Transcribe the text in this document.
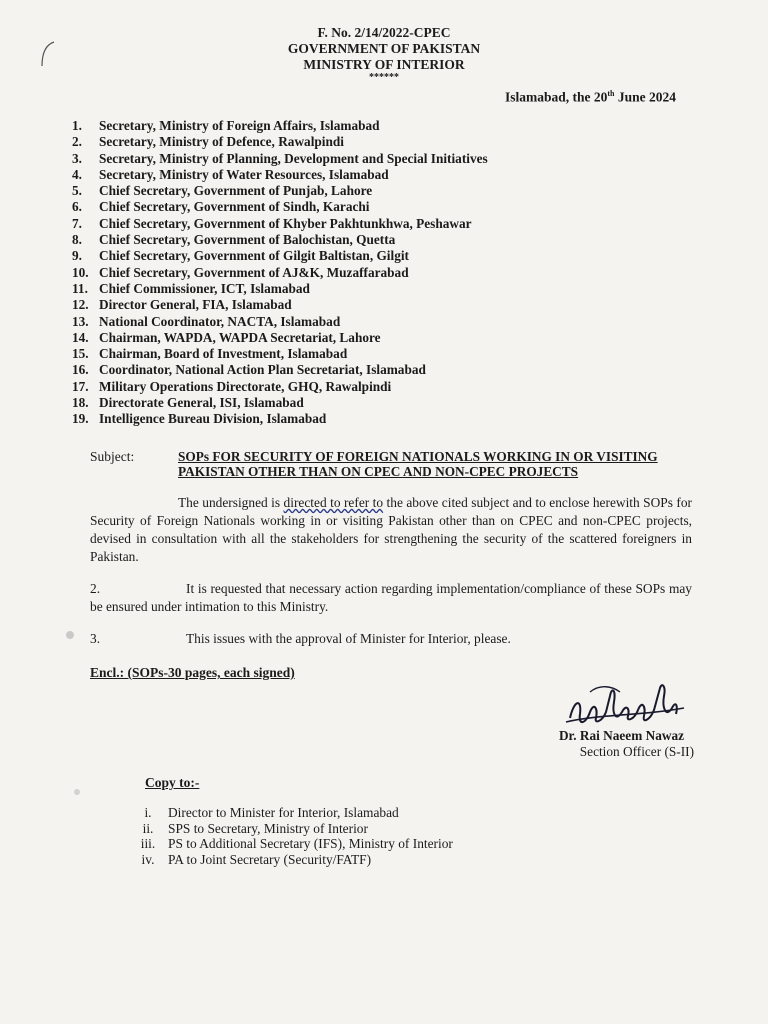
F. No. 2/14/2022-CPEC
GOVERNMENT OF PAKISTAN
MINISTRY OF INTERIOR
******
Islamabad, the 20th June 2024
1.	Secretary, Ministry of Foreign Affairs, Islamabad
2.	Secretary, Ministry of Defence, Rawalpindi
3.	Secretary, Ministry of Planning, Development and Special Initiatives
4.	Secretary, Ministry of Water Resources, Islamabad
5.	Chief Secretary, Government of Punjab, Lahore
6.	Chief Secretary, Government of Sindh, Karachi
7.	Chief Secretary, Government of Khyber Pakhtunkhwa, Peshawar
8.	Chief Secretary, Government of Balochistan, Quetta
9.	Chief Secretary, Government of Gilgit Baltistan, Gilgit
10. Chief Secretary, Government of AJ&K, Muzaffarabad
11. Chief Commissioner, ICT, Islamabad
12. Director General, FIA, Islamabad
13. National Coordinator, NACTA, Islamabad
14. Chairman, WAPDA, WAPDA Secretariat, Lahore
15. Chairman, Board of Investment, Islamabad
16. Coordinator, National Action Plan Secretariat, Islamabad
17. Military Operations Directorate, GHQ, Rawalpindi
18. Directorate General, ISI, Islamabad
19. Intelligence Bureau Division, Islamabad
Subject:	SOPs FOR SECURITY OF FOREIGN NATIONALS WORKING IN OR VISITING PAKISTAN OTHER THAN ON CPEC AND NON-CPEC PROJECTS
The undersigned is directed to refer to the above cited subject and to enclose herewith SOPs for Security of Foreign Nationals working in or visiting Pakistan other than on CPEC and non-CPEC projects, devised in consultation with all the stakeholders for strengthening the security of the scattered foreigners in Pakistan.
2.	It is requested that necessary action regarding implementation/compliance of these SOPs may be ensured under intimation to this Ministry.
3.	This issues with the approval of Minister for Interior, please.
Encl.: (SOPs-30 pages, each signed)
Dr. Rai Naeem Nawaz
Section Officer (S-II)
Copy to:-
i.	Director to Minister for Interior, Islamabad
ii.	SPS to Secretary, Ministry of Interior
iii. PS to Additional Secretary (IFS), Ministry of Interior
iv.	PA to Joint Secretary (Security/FATF)
